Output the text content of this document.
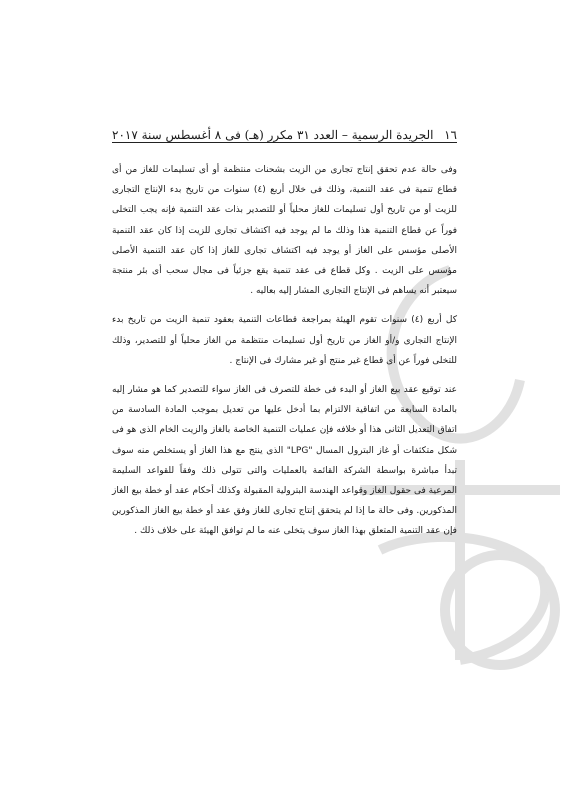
١٦
الجريدة الرسمية – العدد ٣١ مكرر (هـ) فى ٨ أغسطس سنة ٢٠١٧

وفى حالة عدم تحقق إنتاج تجارى من الزيت بشحنات منتظمة أو أى تسليمات للغاز من أى قطاع تنمية فى عقد التنمية، وذلك فى خلال أربع (٤) سنوات من تاريخ بدء الإنتاج التجارى للزيت أو من تاريخ أول تسليمات للغاز محلياً أو للتصدير بذات عقد التنمية فإنه يجب التخلى فوراً عن قطاع التنمية هذا وذلك ما لم يوجد فيه اكتشاف تجارى للزيت إذا كان عقد التنمية الأصلى مؤسس على الغاز أو يوجد فيه اكتشاف تجارى للغاز إذا كان عقد التنمية الأصلى مؤسس على الزيت . وكل قطاع فى عقد تنمية يقع جزئياً فى مجال سحب أى بئر منتجة سيعتبر أنه يساهم فى الإنتاج التجارى المشار إليه بعاليه .

كل أربع (٤) سنوات تقوم الهيئة بمراجعة قطاعات التنمية بعقود تنمية الزيت من تاريخ بدء الإنتاج التجارى و/أو الغاز من تاريخ أول تسليمات منتظمة من الغاز محلياً أو للتصدير، وذلك للتخلى فوراً عن أى قطاع غير منتج أو غير مشارك فى الإنتاج .

عند توقيع عقد بيع الغاز أو البدء فى خطة للتصرف فى الغاز سواء للتصدير كما هو مشار إليه بالمادة السابعة من اتفاقية الالتزام بما أدخل عليها من تعديل بموجب المادة السادسة من اتفاق التعديل الثانى هذا أو خلافه فإن عمليات التنمية الخاصة بالغاز والزيت الخام الذى هو فى شكل متكثفات أو غاز البترول المسال "LPG" الذى ينتج مع هذا الغاز أو يستخلص منه سوف تبدأ مباشرة بواسطة الشركة القائمة بالعمليات والتى تتولى ذلك وفقاً للقواعد السليمة المرعية فى حقول الغاز وقواعد الهندسة البترولية المقبولة وكذلك أحكام عقد أو خطة بيع الغاز المذكورين. وفى حالة ما إذا لم يتحقق إنتاج تجارى للغاز وفق عقد أو خطة بيع الغاز المذكورين فإن عقد التنمية المتعلق بهذا الغاز سوف يتخلى عنه ما لم توافق الهيئة على خلاف ذلك .
